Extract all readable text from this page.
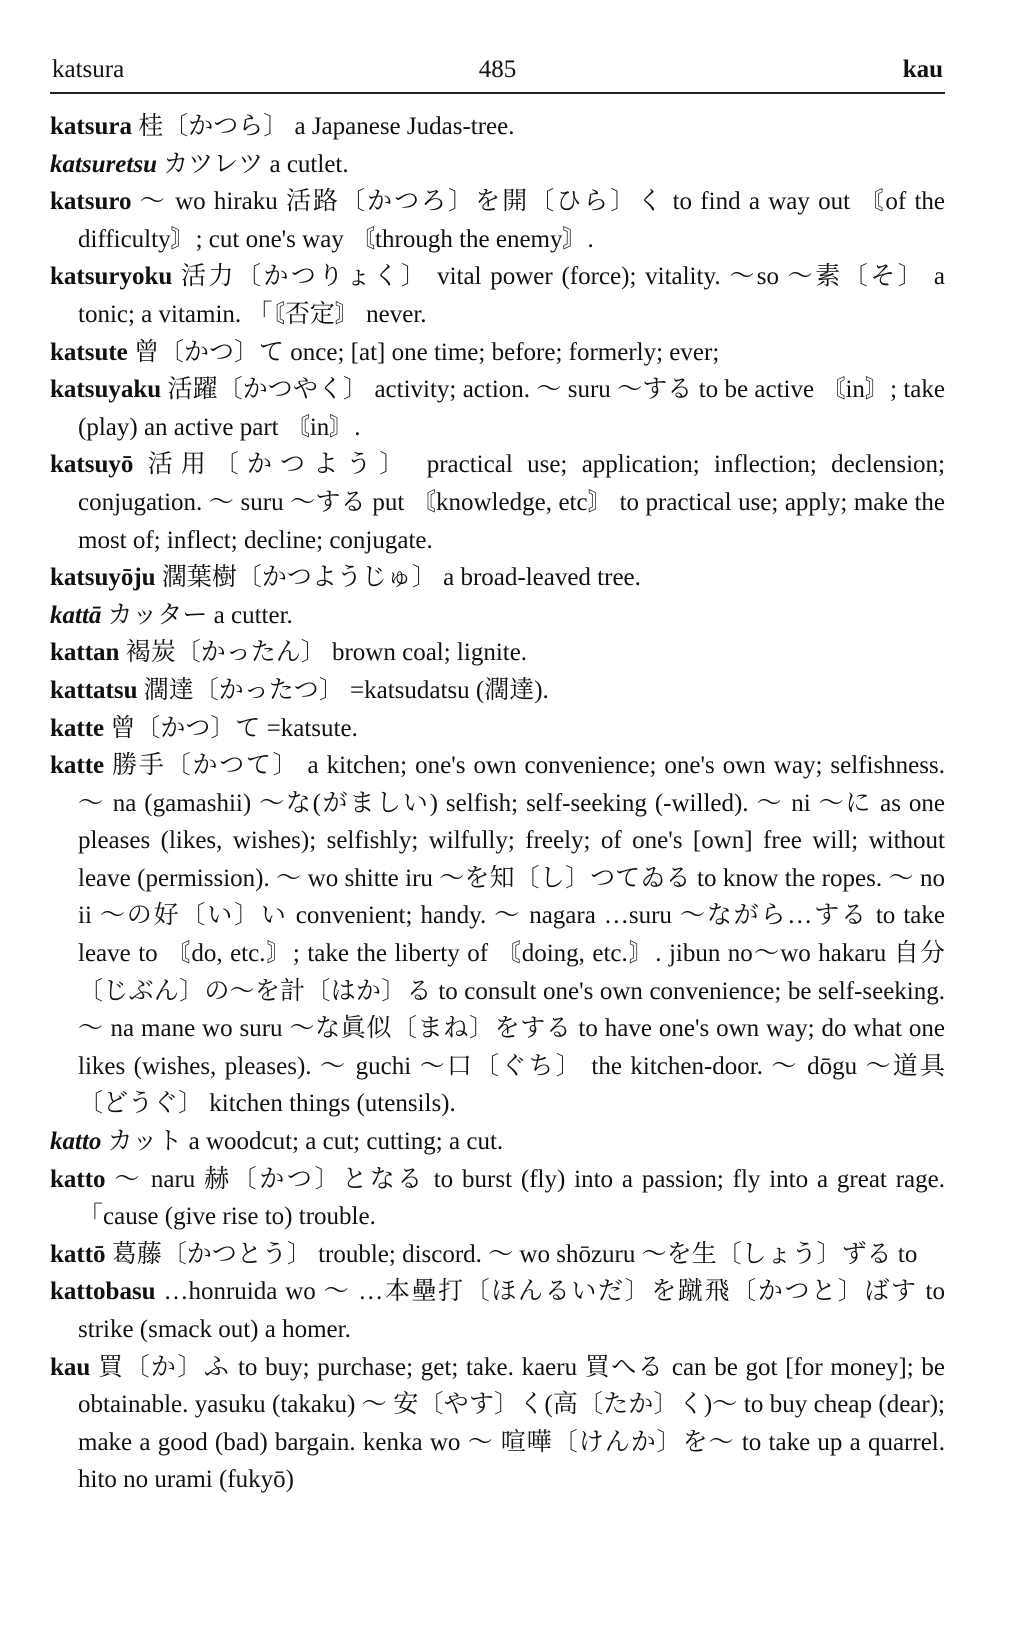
katsura	485	kau

katsura 桂〔かつら〕 a Japanese Judas-tree.

katsuretsu カツレツ a cutlet.

katsuro ～ wo hiraku 活路〔かつろ〕を開〔ひら〕く to find a way out 〘of the difficulty〙; cut one's way 〘through the enemy〙.

katsuryoku 活力〔かつりょく〕 vital power (force); vitality. ～so ～素〔そ〕 a tonic; a vitamin. 「〘否定〙 never.

katsute 曾〔かつ〕て once; [at] one time; before; formerly; ever;

katsuyaku 活躍〔かつやく〕 activity; action. ～ suru ～する to be active 〘in〙; take (play) an active part 〘in〙.

katsuyō 活用〔かつよう〕 practical use; application; inflection; declension; conjugation. ～ suru ～する put 〘knowledge, etc〙 to practical use; apply; make the most of; inflect; decline; conjugate.

katsuyōju 濶葉樹〔かつようじゅ〕 a broad-leaved tree.

kattā カッター a cutter.

kattan 褐炭〔かったん〕 brown coal; lignite.

kattatsu 濶達〔かったつ〕 =katsudatsu (濶達).

katte 曾〔かつ〕て =katsute.

katte 勝手〔かつて〕 a kitchen; one's own convenience; one's own way; selfishness. ～ na (gamashii) ～な(がましい) selfish; self-seeking (-willed). ～ ni ～に as one pleases (likes, wishes); selfishly; wilfully; freely; of one's [own] free will; without leave (permission). ～ wo shitte iru ～を知〔し〕つてゐる to know the ropes. ～ no ii ～の好〔い〕い convenient; handy. ～ nagara …suru ～ながら…する to take leave to 〘do, etc.〙; take the liberty of 〘doing, etc.〙. jibun no～wo hakaru 自分〔じぶん〕の～を計〔はか〕る to consult one's own convenience; be self-seeking. ～ na mane wo suru ～な眞似〔まね〕をする to have one's own way; do what one likes (wishes, pleases). ～ guchi ～口〔ぐち〕 the kitchen-door. ～ dōgu ～道具〔どうぐ〕 kitchen things (utensils).

katto カット a woodcut; a cut; cutting; a cut.

katto ～ naru 赫〔かつ〕となる to burst (fly) into a passion; fly into a great rage. 「cause (give rise to) trouble.

kattō 葛藤〔かつとう〕 trouble; discord. ～ wo shōzuru ～を生〔しょう〕ずる to

kattobasu …honruida wo ～ …本壘打〔ほんるいだ〕を蹴飛〔かつと〕ばす to strike (smack out) a homer.

kau 買〔か〕ふ to buy; purchase; get; take. kaeru 買へる can be got [for money]; be obtainable. yasuku (takaku) ～ 安〔やす〕く(高〔たか〕く)～ to buy cheap (dear); make a good (bad) bargain. kenka wo ～ 喧嘩〔けんか〕を～ to take up a quarrel. hito no urami (fukyō)
